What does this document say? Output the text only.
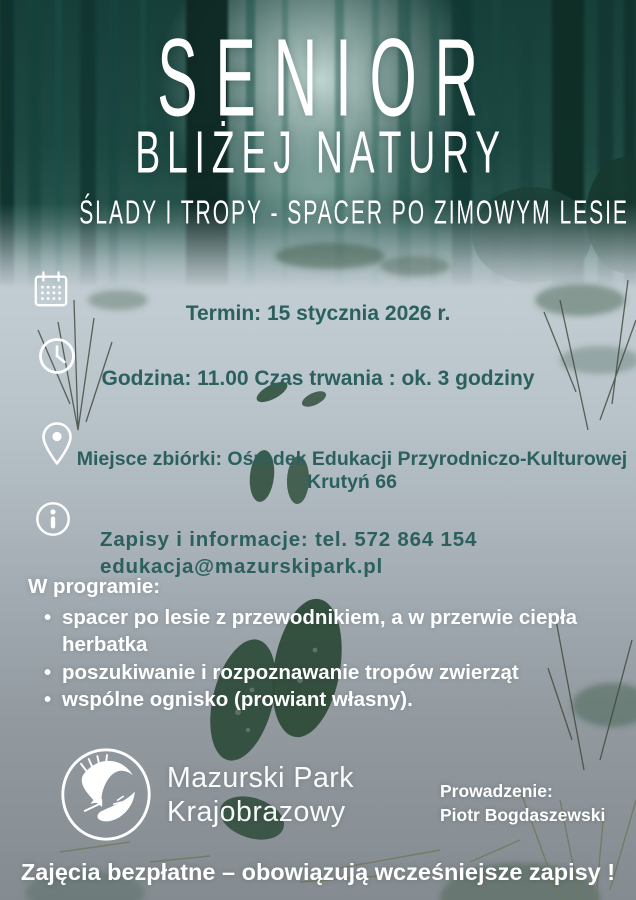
SENIOR
BLIŻEJ NATURY
ŚLADY I TROPY - SPACER PO ZIMOWYM LESIE

Termin: 15 stycznia 2026 r.

Godzina: 11.00 Czas trwania : ok. 3 godziny

Miejsce zbiórki: Ośrodek Edukacji Przyrodniczo-Kulturowej
Krutyń 66

Zapisy i informacje: tel. 572 864 154
edukacja@mazurskipark.pl

W programie:
• spacer po lesie z przewodnikiem, a w przerwie ciepła herbatka
• poszukiwanie i rozpoznawanie tropów zwierząt
• wspólne ognisko (prowiant własny).
Mazurski Park
Krajobrazowy
Prowadzenie:
Piotr Bogdaszewski
Zajęcia bezpłatne – obowiązują wcześniejsze zapisy !
